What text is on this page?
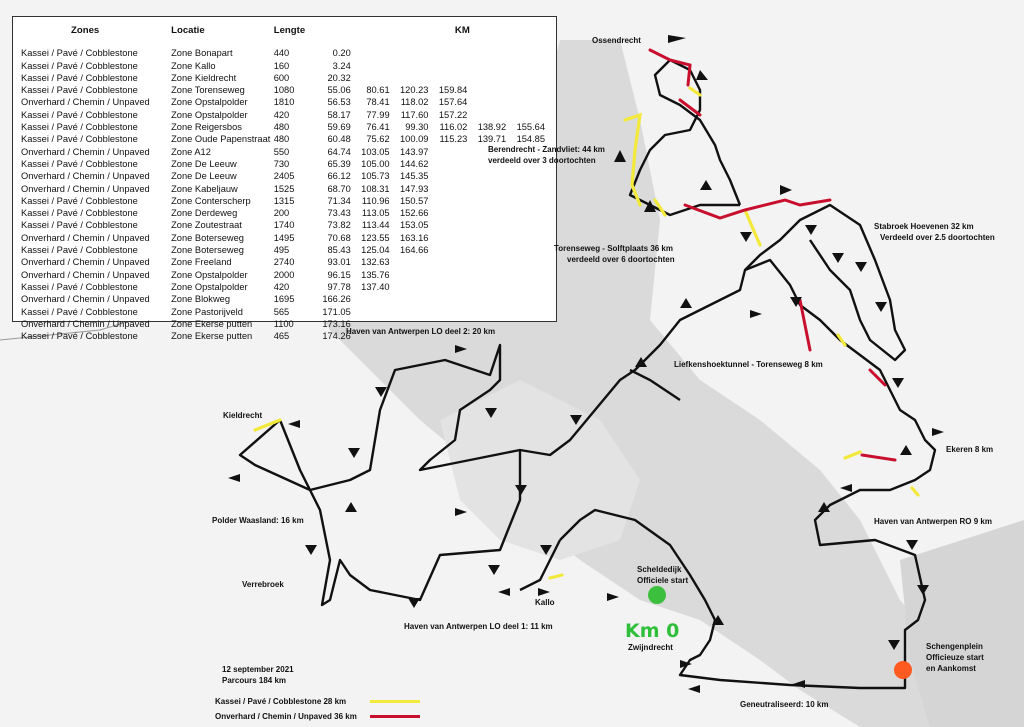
Zones	Locatie	Lengte	KM					
Kassei / Pavé / Cobblestone	Zone Bonapart	440	0.20					
Kassei / Pavé / Cobblestone	Zone Kallo	160	3.24					
Kassei / Pavé / Cobblestone	Zone Kieldrecht	600	20.32					
Kassei / Pavé / Cobblestone	Zone Torenseweg	1080	55.06	80.61	120.23	159.84		
Onverhard / Chemin / Unpaved	Zone Opstalpolder	1810	56.53	78.41	118.02	157.64		
Kassei / Pavé / Cobblestone	Zone Opstalpolder	420	58.17	77.99	117.60	157.22		
Kassei / Pavé / Cobblestone	Zone Reigersbos	480	59.69	76.41	99.30	116.02	138.92	155.64
Kassei / Pavé / Cobblestone	Zone Oude Papenstraat	480	60.48	75.62	100.09	115.23	139.71	154.85
Onverhard / Chemin / Unpaved	Zone A12	550	64.74	103.05	143.97			
Kassei / Pavé / Cobblestone	Zone De Leeuw	730	65.39	105.00	144.62			
Onverhard / Chemin / Unpaved	Zone De Leeuw	2405	66.12	105.73	145.35			
Onverhard / Chemin / Unpaved	Zone Kabeljauw	1525	68.70	108.31	147.93			
Kassei / Pavé / Cobblestone	Zone Conterscherp	1315	71.34	110.96	150.57			
Kassei / Pavé / Cobblestone	Zone Derdeweg	200	73.43	113.05	152.66			
Kassei / Pavé / Cobblestone	Zone Zoutestraat	1740	73.82	113.44	153.05			
Onverhard / Chemin / Unpaved	Zone Boterseweg	1495	70.68	123.55	163.16			
Kassei / Pavé / Cobblestone	Zone Boterseweg	495	85.43	125.04	164.66			
Onverhard / Chemin / Unpaved	Zone Freeland	2740	93.01	132.63				
Onverhard / Chemin / Unpaved	Zone Opstalpolder	2000	96.15	135.76				
Kassei / Pavé / Cobblestone	Zone Opstalpolder	420	97.78	137.40				
Onverhard / Chemin / Unpaved	Zone Blokweg	1695	166.26					
Kassei / Pavé / Cobblestone	Zone Pastorijveld	565	171.05					
Onverhard / Chemin / Unpaved	Zone Ekerse putten	1100	173.16					
Kassei / Pavé / Cobblestone	Zone Ekerse putten	465	174.26					
Ossendrecht
Berendrecht - Zandvliet: 44 km
verdeeld over 3 doortochten
Stabroek Hoevenen 32 km
Verdeeld over 2.5 doortochten
Torenseweg - Solftplaats 36 km
verdeeld over 6 doortochten
Haven van Antwerpen LO deel 2: 20 km
Liefkenshoektunnel - Torenseweg 8 km
Kieldrecht
Ekeren 8 km
Haven van Antwerpen RO 9 km
Polder Waasland: 16 km
Verrebroek
Kallo
Scheldedijk
Officiele start
Km 0
Zwijndrecht
Haven van Antwerpen LO deel 1: 11 km
Schengenplein
Officieuze start
en Aankomst
12 september 2021
Parcours 184 km
Geneutraliseerd: 10 km
Kassei / Pavé / Cobblestone 28 km
Onverhard / Chemin / Unpaved 36 km
